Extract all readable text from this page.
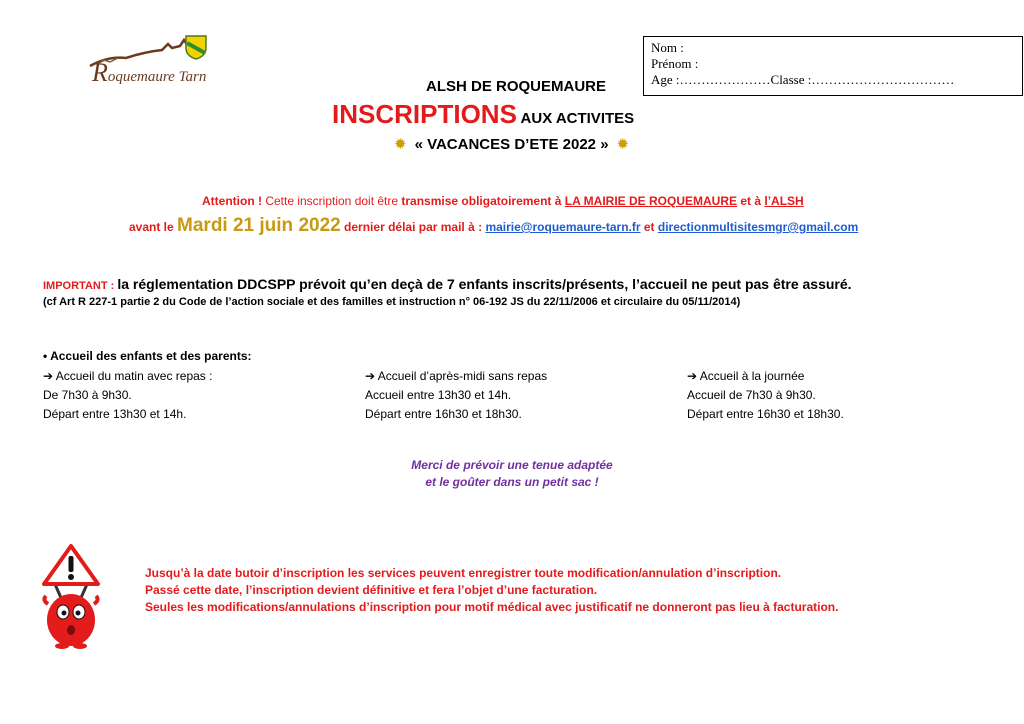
Roquemaure Tarn
Nom :
Prénom :
Age :…………………Classe :……………………………
ALSH DE ROQUEMAURE
INSCRIPTIONS AUX ACTIVITES
✹ « VACANCES D’ETE 2022 » ✹
Attention ! Cette inscription doit être transmise obligatoirement à LA MAIRIE DE ROQUEMAURE et à l’ALSH
avant le Mardi 21 juin 2022 dernier délai par mail à : mairie@roquemaure-tarn.fr et directionmultisitesmgr@gmail.com
IMPORTANT : la réglementation DDCSPP prévoit qu’en deçà de 7 enfants inscrits/présents, l’accueil ne peut pas être assuré.
(cf Art R 227-1 partie 2 du Code de l’action sociale et des familles et instruction n° 06-192 JS du 22/11/2006 et circulaire du 05/11/2014)
• Accueil des enfants et des parents:
➔ Accueil du matin avec repas :
De 7h30 à 9h30.
Départ entre 13h30 et 14h.
➔ Accueil d’après-midi sans repas
Accueil entre 13h30 et 14h.
Départ entre 16h30 et 18h30.
➔ Accueil à la journée
Accueil de 7h30 à 9h30.
Départ entre 16h30 et 18h30.
Merci de prévoir une tenue adaptée
et le goûter dans un petit sac !
Jusqu’à la date butoir d’inscription les services peuvent enregistrer toute modification/annulation d’inscription.
Passé cette date, l’inscription devient définitive et fera l’objet d’une facturation.
Seules les modifications/annulations d’inscription pour motif médical avec justificatif ne donneront pas lieu à facturation.
